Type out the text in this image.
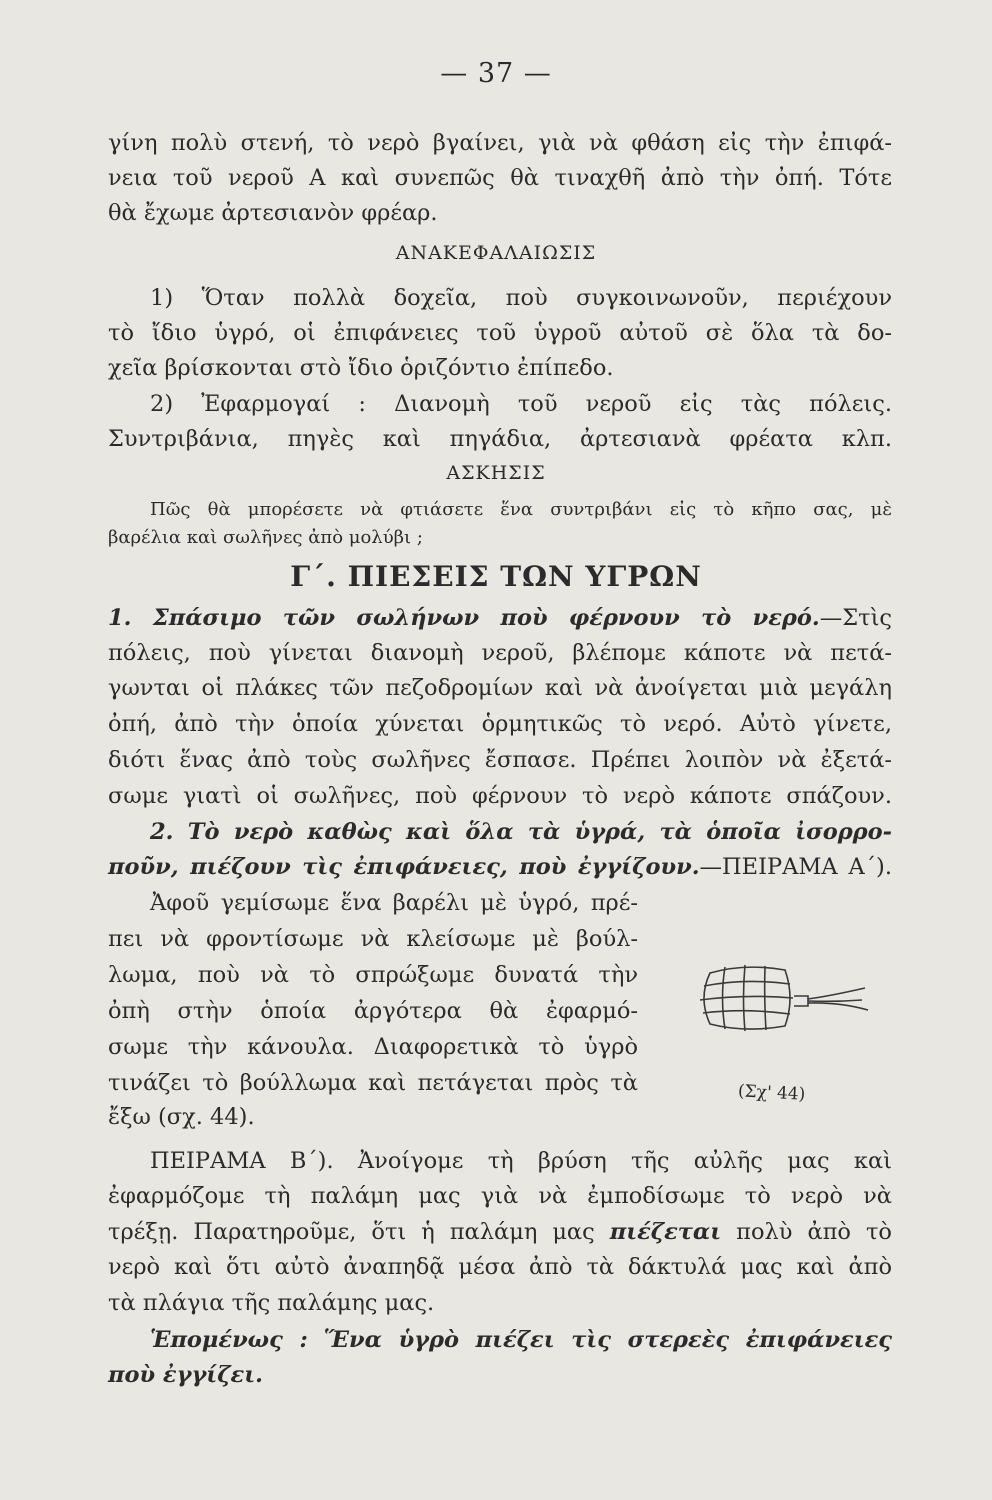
— 37 —
γίνη πολὺ στενή, τὸ νερὸ βγαίνει, γιὰ νὰ φθάση εἰς τὴν ἐπιφά-
νεια τοῦ νεροῦ Α καὶ συνεπῶς θὰ τιναχθῆ ἀπὸ τὴν ὀπή. Τότε
θὰ ἔχωμε ἀρτεσιανὸν φρέαρ.
ΑΝΑΚΕΦΑΛΑΙΩΣΙΣ
1) Ὅταν πολλὰ δοχεῖα, ποὺ συγκοινωνοῦν, περιέχουν
τὸ ἴδιο ὑγρό, οἱ ἐπιφάνειες τοῦ ὑγροῦ αὐτοῦ σὲ ὅλα τὰ δο-
χεῖα βρίσκονται στὸ ἴδιο ὁριζόντιο ἐπίπεδο.
2) Ἐφαρμογαί : Διανομὴ τοῦ νεροῦ εἰς τὰς πόλεις.
Συντριβάνια, πηγὲς καὶ πηγάδια, ἀρτεσιανὰ φρέατα κλπ.
ΑΣΚΗΣΙΣ
Πῶς θὰ μπορέσετε νὰ φτιάσετε ἕνα συντριβάνι εἰς τὸ κῆπο σας, μὲ
βαρέλια καὶ σωλῆνες ἀπὸ μολύβι ;
Γ΄. ΠΙΕΣΕΙΣ ΤΩΝ ΥΓΡΩΝ
1. Σπάσιμο τῶν σωλήνων ποὺ φέρνουν τὸ νερό.—Στὶς
πόλεις, ποὺ γίνεται διανομὴ νεροῦ, βλέπομε κάποτε νὰ πετά-
γωνται οἱ πλάκες τῶν πεζοδρομίων καὶ νὰ ἀνοίγεται μιὰ μεγάλη
ὀπή, ἀπὸ τὴν ὁποία χύνεται ὁρμητικῶς τὸ νερό. Αὐτὸ γίνετε,
διότι ἕνας ἀπὸ τοὺς σωλῆνες ἔσπασε. Πρέπει λοιπὸν νὰ ἐξετά-
σωμε γιατὶ οἱ σωλῆνες, ποὺ φέρνουν τὸ νερὸ κάποτε σπάζουν.
2. Τὸ νερὸ καθὼς καὶ ὅλα τὰ ὑγρά, τὰ ὁποῖα ἰσορρο-
ποῦν, πιέζουν τὶς ἐπιφάνειες, ποὺ ἐγγίζουν.—ΠΕΙΡΑΜΑ Α΄).
Ἀφοῦ γεμίσωμε ἕνα βαρέλι μὲ ὑγρό, πρέ-
πει νὰ φροντίσωμε νὰ κλείσωμε μὲ βούλ-
λωμα, ποὺ νὰ τὸ σπρώξωμε δυνατά τὴν
ὀπὴ στὴν ὁποία ἀργότερα θὰ ἐφαρμό-
σωμε τὴν κάνουλα. Διαφορετικὰ τὸ ὑγρὸ
τινάζει τὸ βούλλωμα καὶ πετάγεται πρὸς τὰ
ἔξω (σχ. 44).
(Σχ' 44)
ΠΕΙΡΑΜΑ Β΄). Ἀνοίγομε τὴ βρύση τῆς αὐλῆς μας καὶ
ἐφαρμόζομε τὴ παλάμη μας γιὰ νὰ ἐμποδίσωμε τὸ νερὸ νὰ
τρέξῃ. Παρατηροῦμε, ὅτι ἡ παλάμη μας πιέζεται πολὺ ἀπὸ τὸ
νερὸ καὶ ὅτι αὐτὸ ἀναπηδᾷ μέσα ἀπὸ τὰ δάκτυλά μας καὶ ἀπὸ
τὰ πλάγια τῆς παλάμης μας.
Ἑπομένως : Ἕνα ὑγρὸ πιέζει τὶς στερεὲς ἐπιφάνειες
ποὺ ἐγγίζει.
